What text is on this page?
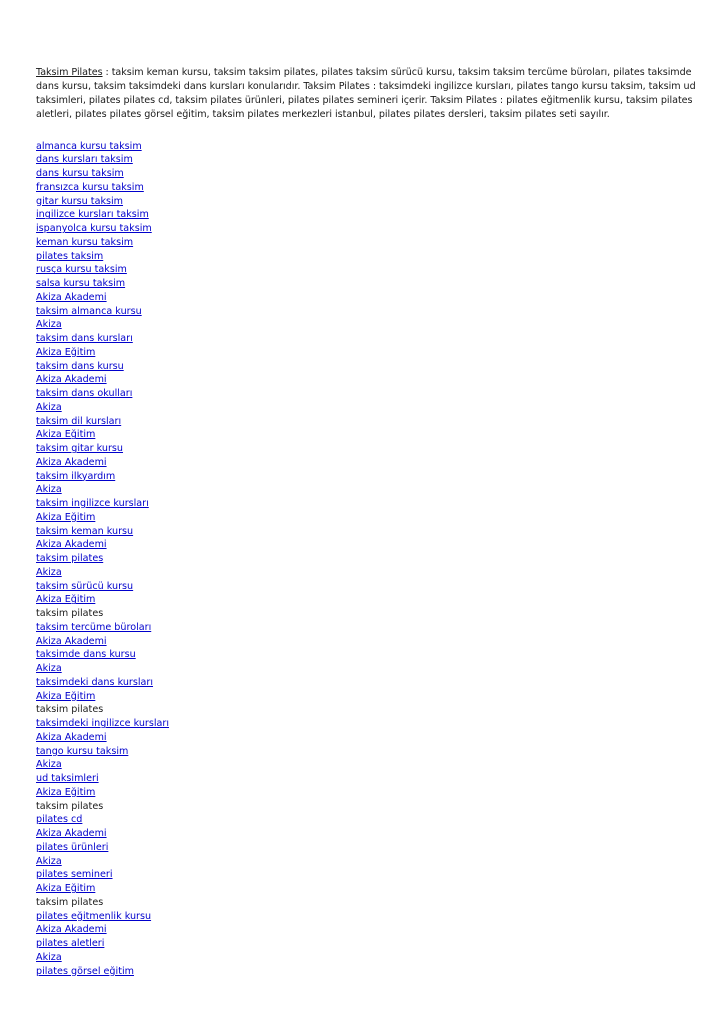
Taksim Pilates : taksim keman kursu, taksim taksim pilates, pilates taksim sürücü kursu, taksim taksim tercüme büroları, pilates taksimde dans kursu, taksim taksimdeki dans kursları konularıdır. Taksim Pilates : taksimdeki ingilizce kursları, pilates tango kursu taksim, taksim ud taksimleri, pilates pilates cd, taksim pilates ürünleri, pilates pilates semineri içerir. Taksim Pilates : pilates eğitmenlik kursu, taksim pilates aletleri, pilates pilates görsel eğitim, taksim pilates merkezleri istanbul, pilates pilates dersleri, taksim pilates seti sayılır.

almanca kursu taksim
dans kursları taksim
dans kursu taksim
fransızca kursu taksim
gitar kursu taksim
ingilizce kursları taksim
ispanyolca kursu taksim
keman kursu taksim
pilates taksim
rusça kursu taksim
salsa kursu taksim
Akiza Akademi
taksim almanca kursu
Akiza
taksim dans kursları
Akiza Eğitim
taksim dans kursu
Akiza Akademi
taksim dans okulları
Akiza
taksim dil kursları
Akiza Eğitim
taksim gitar kursu
Akiza Akademi
taksim ilkyardım
Akiza
taksim ingilizce kursları
Akiza Eğitim
taksim keman kursu
Akiza Akademi
taksim pilates
Akiza
taksim sürücü kursu
Akiza Eğitim
taksim pilates
taksim tercüme büroları
Akiza Akademi
taksimde dans kursu
Akiza
taksimdeki dans kursları
Akiza Eğitim
taksim pilates
taksimdeki ingilizce kursları
Akiza Akademi
tango kursu taksim
Akiza
ud taksimleri
Akiza Eğitim
taksim pilates
pilates cd
Akiza Akademi
pilates ürünleri
Akiza
pilates semineri
Akiza Eğitim
taksim pilates
pilates eğitmenlik kursu
Akiza Akademi
pilates aletleri
Akiza
pilates görsel eğitim
